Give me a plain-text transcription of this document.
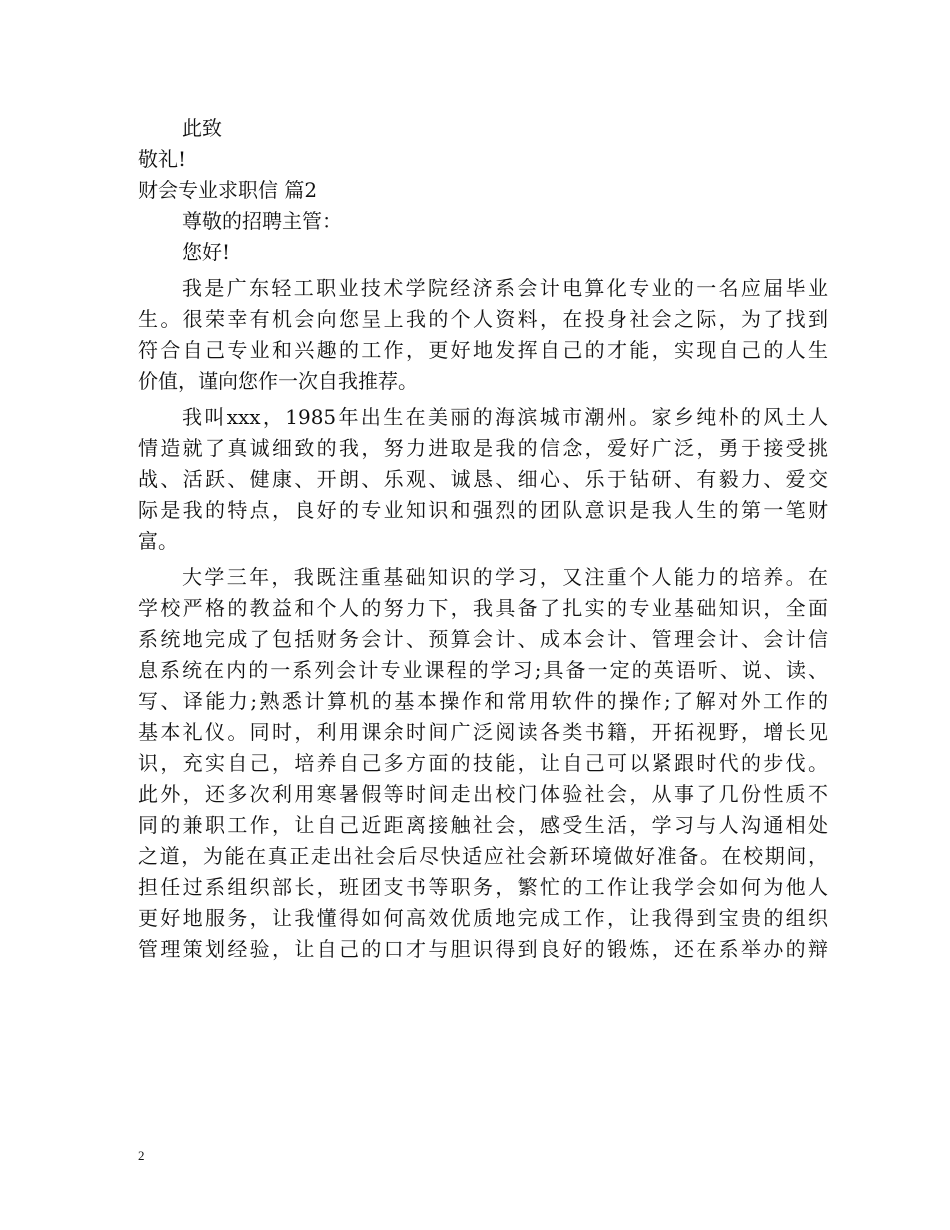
此致

敬礼!

财会专业求职信 篇2

尊敬的招聘主管：

您好!

我是广东轻工职业技术学院经济系会计电算化专业的一名应届毕业
生。很荣幸有机会向您呈上我的个人资料，在投身社会之际，为了找到
符合自己专业和兴趣的工作，更好地发挥自己的才能，实现自己的人生
价值，谨向您作一次自我推荐。

我叫xxx，1985年出生在美丽的海滨城市潮州。家乡纯朴的风土人
情造就了真诚细致的我，努力进取是我的信念，爱好广泛，勇于接受挑
战、活跃、健康、开朗、乐观、诚恳、细心、乐于钻研、有毅力、爱交
际是我的特点，良好的专业知识和强烈的团队意识是我人生的第一笔财
富。

大学三年，我既注重基础知识的学习，又注重个人能力的培养。在
学校严格的教益和个人的努力下，我具备了扎实的专业基础知识，全面
系统地完成了包括财务会计、预算会计、成本会计、管理会计、会计信
息系统在内的一系列会计专业课程的学习;具备一定的英语听、说、读、
写、译能力;熟悉计算机的基本操作和常用软件的操作;了解对外工作的
基本礼仪。同时，利用课余时间广泛阅读各类书籍，开拓视野，增长见
识，充实自己，培养自己多方面的技能，让自己可以紧跟时代的步伐。
此外，还多次利用寒暑假等时间走出校门体验社会，从事了几份性质不
同的兼职工作，让自己近距离接触社会，感受生活，学习与人沟通相处
之道，为能在真正走出社会后尽快适应社会新环境做好准备。在校期间，
担任过系组织部长，班团支书等职务，繁忙的工作让我学会如何为他人
更好地服务，让我懂得如何高效优质地完成工作，让我得到宝贵的组织
管理策划经验，让自己的口才与胆识得到良好的锻炼，还在系举办的辩

2
